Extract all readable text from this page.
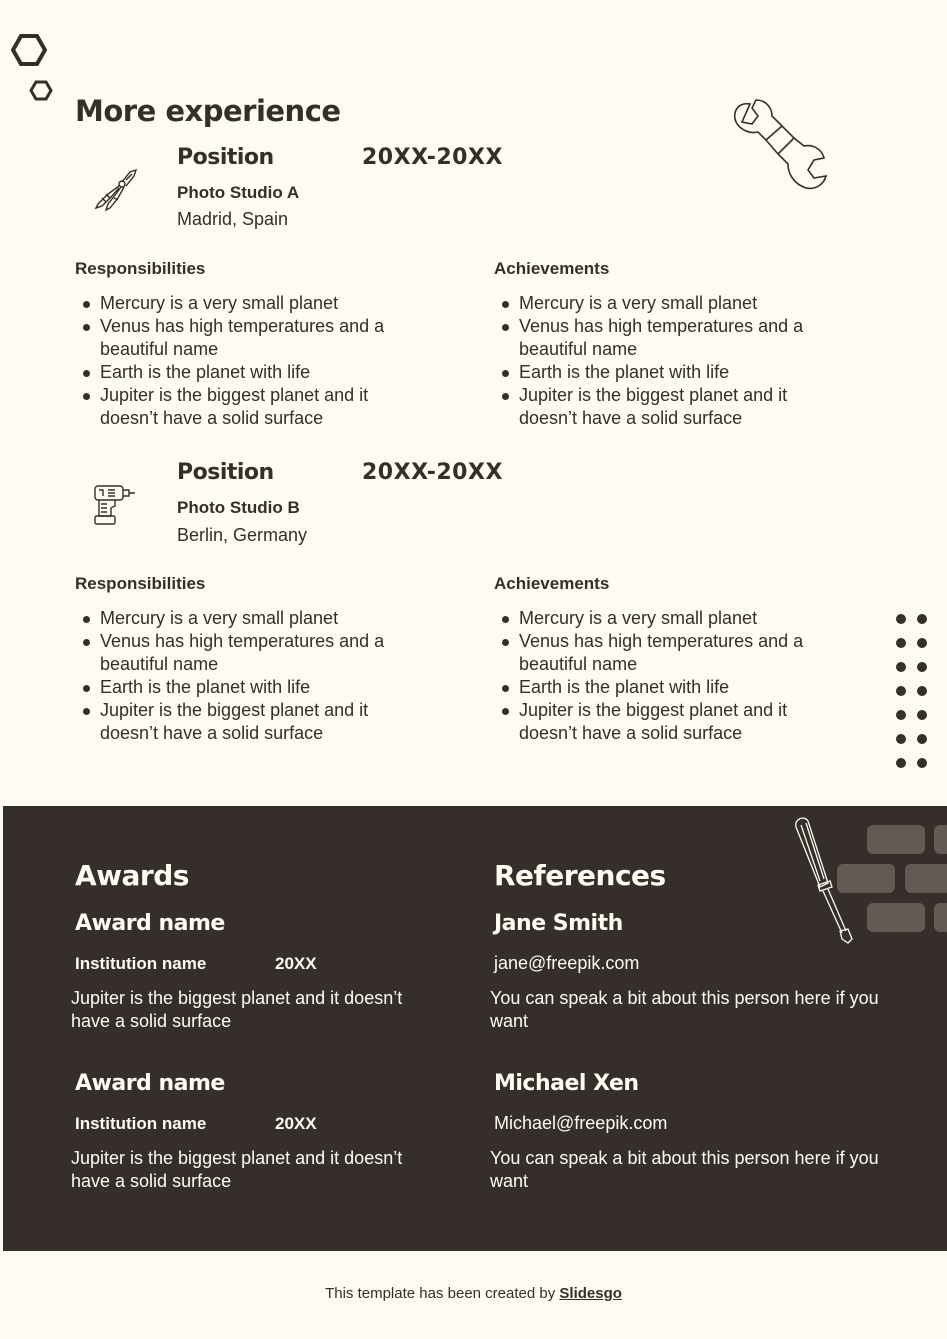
More experience
Position	20XX-20XX
Photo Studio A
Madrid, Spain
Responsibilities
Mercury is a very small planet
Venus has high temperatures and a beautiful name
Earth is the planet with life
Jupiter is the biggest planet and it doesn’t have a solid surface
Achievements
Mercury is a very small planet
Venus has high temperatures and a beautiful name
Earth is the planet with life
Jupiter is the biggest planet and it doesn’t have a solid surface
Position	20XX-20XX
Photo Studio B
Berlin, Germany
Responsibilities
Mercury is a very small planet
Venus has high temperatures and a beautiful name
Earth is the planet with life
Jupiter is the biggest planet and it doesn’t have a solid surface
Achievements
Mercury is a very small planet
Venus has high temperatures and a beautiful name
Earth is the planet with life
Jupiter is the biggest planet and it doesn’t have a solid surface
Awards
Award name
Institution name	20XX
Jupiter is the biggest planet and it doesn’t have a solid surface
Award name
Institution name	20XX
Jupiter is the biggest planet and it doesn’t have a solid surface
References
Jane Smith
jane@freepik.com
You can speak a bit about this person here if you want
Michael Xen
Michael@freepik.com
You can speak a bit about this person here if you want
This template has been created by Slidesgo
